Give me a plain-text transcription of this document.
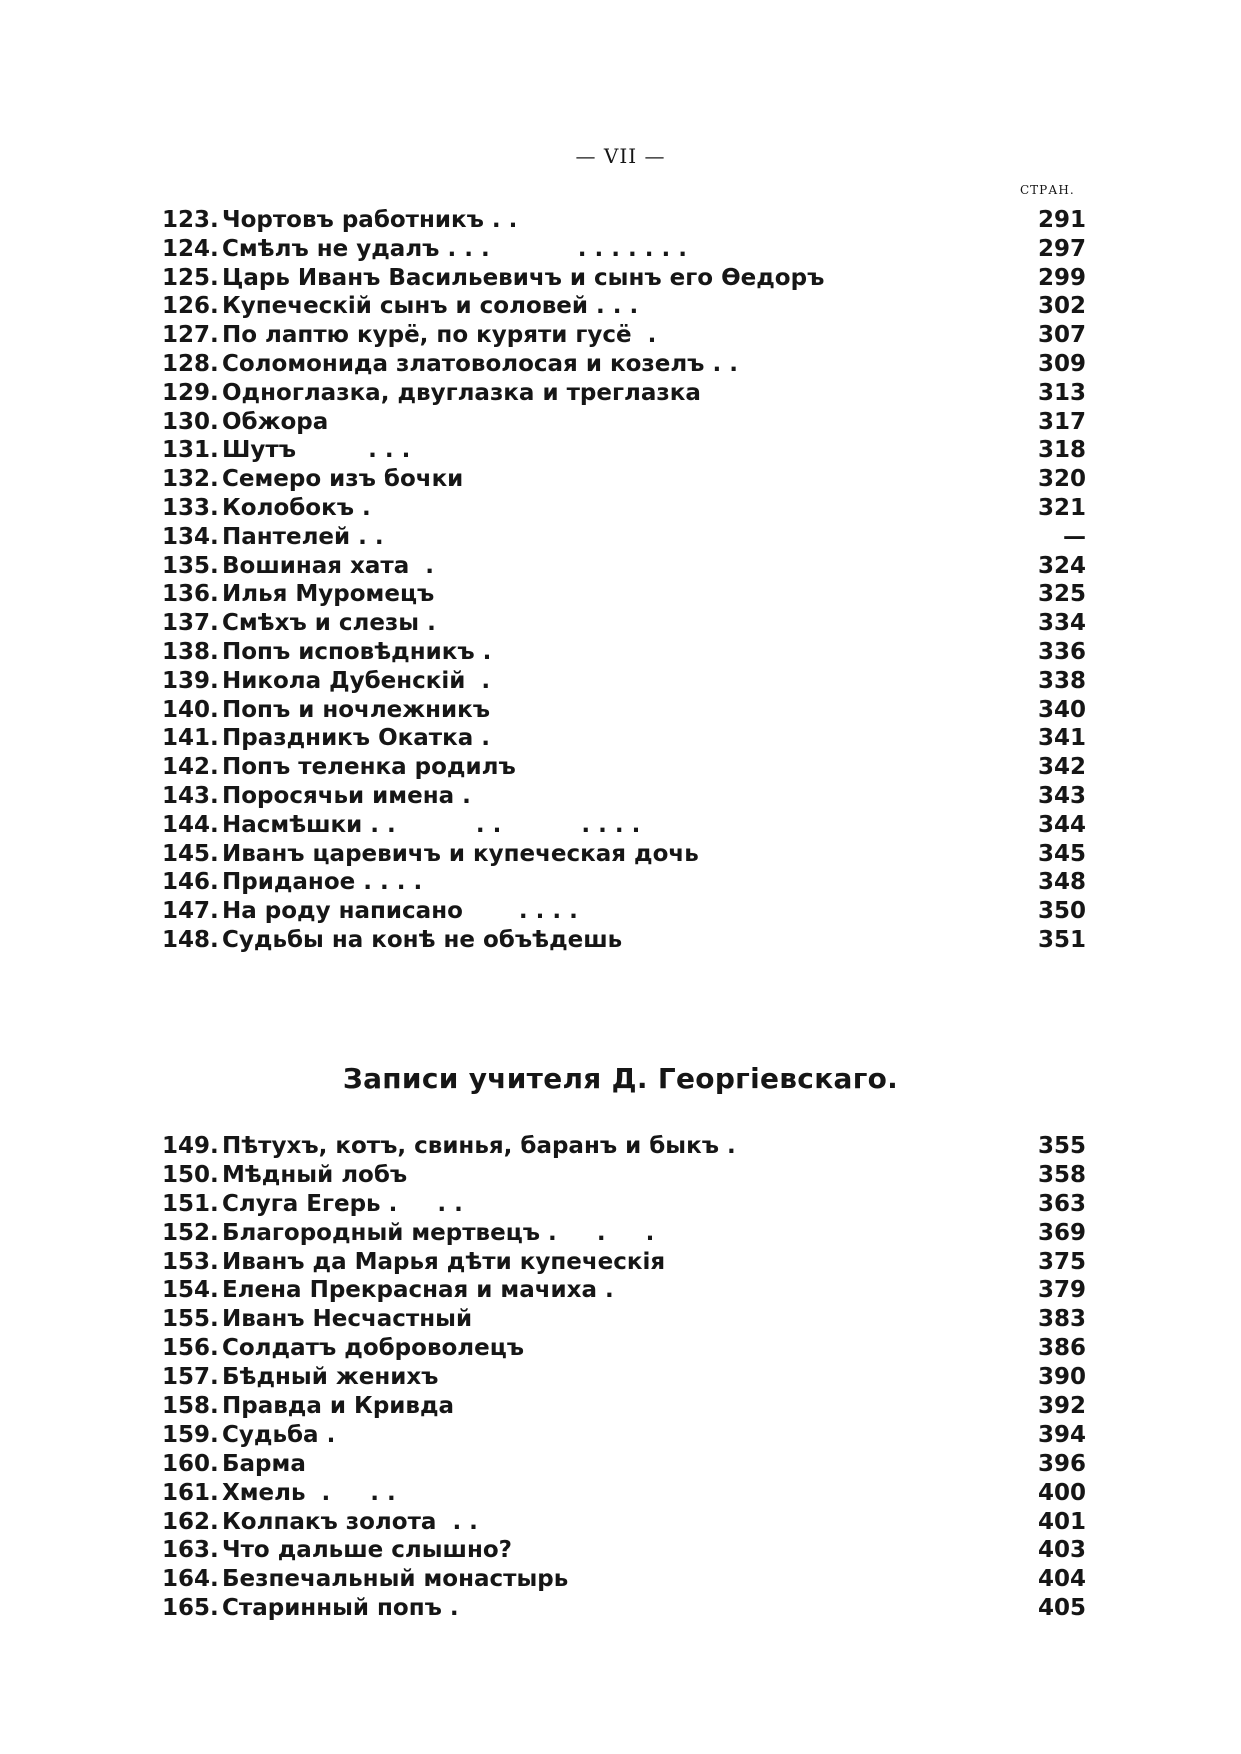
— VII —
СТРАН.
123. Чортовъ работникъ . .	291
124. Смѣлъ не удалъ . . .           . . . . . . .	297
125. Царь Иванъ Васильевичъ и сынъ его Ѳедоръ	299
126. Купеческій сынъ и соловей . . .	302
127. По лаптю курё, по куряти гусё  .	307
128. Соломонида златоволосая и козелъ . .	309
129. Одноглазка, двуглазка и треглазка	313
130. Обжора	317
131. Шутъ         . . .	318
132. Семеро изъ бочки	320
133. Колобокъ .	321
134. Пантелей . .	—
135. Вошиная хата  .	324
136. Илья Муромецъ	325
137. Смѣхъ и слезы .	334
138. Попъ исповѣдникъ .	336
139. Никола Дубенскій  .	338
140. Попъ и ночлежникъ	340
141. Праздникъ Окатка .	341
142. Попъ теленка родилъ	342
143. Поросячьи имена .	343
144. Насмѣшки . .          . .          . . . .	344
145. Иванъ царевичъ и купеческая дочь	345
146. Приданое . . . .	348
147. На роду написано       . . . .	350
148. Судьбы на конѣ не объѣдешь	351
Записи учителя Д. Георгіевскаго.
149. Пѣтухъ, котъ, свинья, баранъ и быкъ .	355
150. Мѣдный лобъ	358
151. Слуга Егерь .     . .	363
152. Благородный мертвецъ .     .     .	369
153. Иванъ да Марья дѣти купеческія	375
154. Елена Прекрасная и мачиха .	379
155. Иванъ Несчастный	383
156. Солдатъ доброволецъ	386
157. Бѣдный женихъ	390
158. Правда и Кривда	392
159. Судьба .	394
160. Барма	396
161. Хмель  .     . .	400
162. Колпакъ золота  . .	401
163. Что дальше слышно?	403
164. Безпечальный монастырь	404
165. Старинный попъ .	405
